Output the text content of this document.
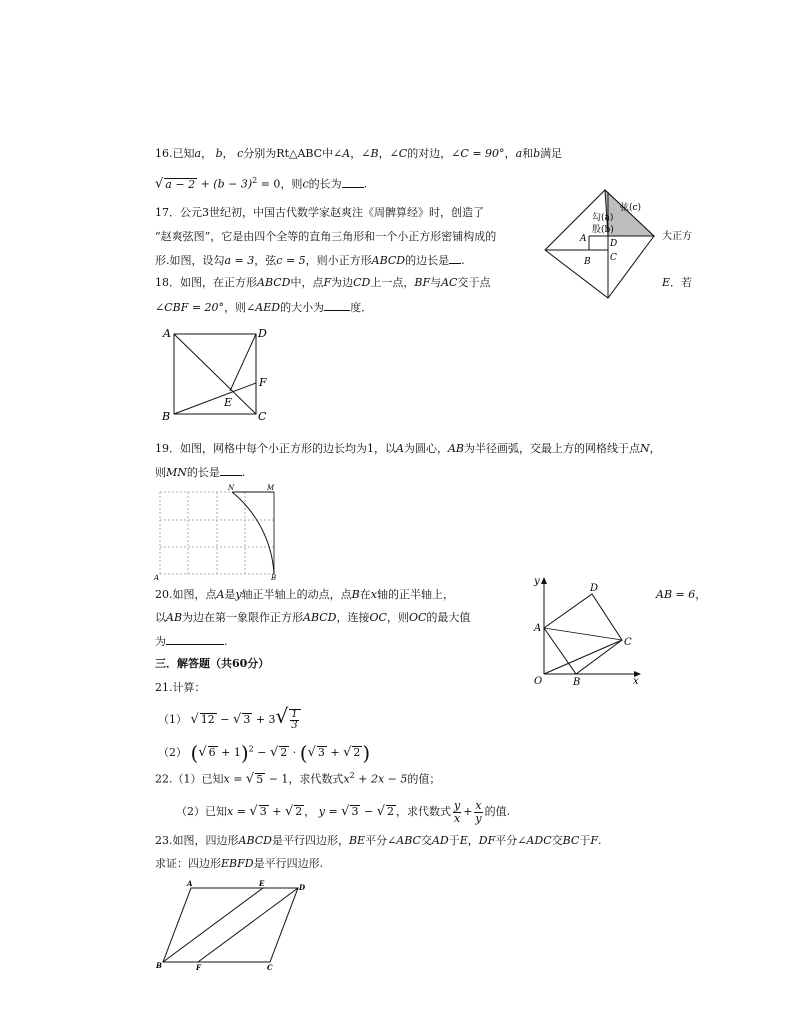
16.已知a， b， c分别为Rt△ABC中∠A，∠B，∠C的对边，∠C = 90°，a和b满足
√ $a - 2 + (b - 3)^2 = 0$，则c的长为 .
17．公元3世纪初，中国古代数学家赵爽注《周髀算经》时，创造了
“赵爽弦图”，它是由四个全等的直角三角形和一个小正方形密铺构成的
形.如图，设勾a = 3，弦c = 5，则小正方形ABCD的边长是 .
弦(c)
勾(a)
股(b)
A	D
B C
大正方
18．如图，在正方形ABCD中，点F为边CD上一点，BF与AC交于点	E．若
∠CBF = 20°，则∠AED的大小为 度．
A	D
B	C
E
F
19．如图，网格中每个小正方形的边长均为1，以A为圆心，AB为半径画弧，交最上方的网格线于点N，
则MN的长是 .
N	M
A	B
20.如图，点A是y轴正半轴上的动点，点B在x轴的正半轴上，	AB = 6，
以AB为边在第一象限作正方形ABCD，连接OC，则OC的最大值
为	.
y
x
O
A
B
C
D
三．解答题（共60分）
21.计算：
（1） √ 12 − √ $3 + 3√ \frac{1}{3}$
（2） (√ 6 + 1)$^2$ − √ 2 · (√ 3 + √ 2 )
22.（1）已知x = √ 5 − 1，求代数式$x^2 + 2x - 5$的值；
（2）已知x = √ 3 + √ 2 ， y = √ 3 − √ 2 ，求代数式 $\frac{y}{x} + \frac{x}{y}$ 的值.
23.如图，四边形ABCD是平行四边形，BE平分∠ABC交AD于E，DF平分∠ADC交BC于F.
求证：四边形EBFD是平行四边形.
A	E	D
B	F	C
